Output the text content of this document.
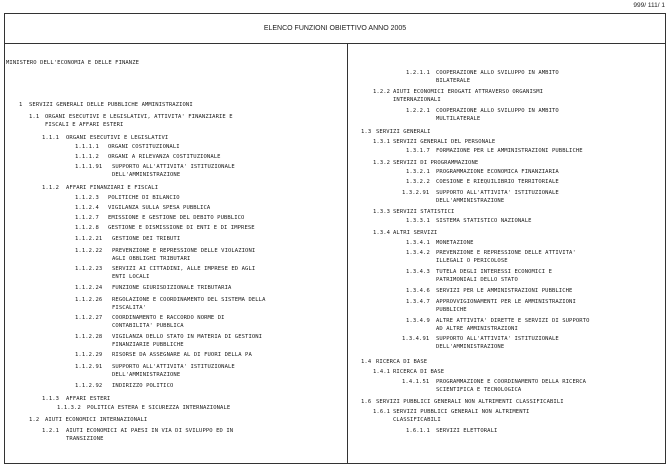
999/ 111/ 1
ELENCO FUNZIONI OBIETTIVO ANNO 2005
MINISTERO DELL'ECONOMIA E DELLE FINANZE
1 SERVIZI GENERALI DELLE PUBBLICHE AMMINISTRAZIONI
1.1 ORGANI ESECUTIVI E LEGISLATIVI, ATTIVITA' FINANZIARIE E
FISCALI E AFFARI ESTERI
1.1.1 ORGANI ESECUTIVI E LEGISLATIVI
1.1.1.1 ORGANI COSTITUZIONALI
1.1.1.2 ORGANI A RILEVANZA COSTITUZIONALE
1.1.1.91 SUPPORTO ALL'ATTIVITA' ISTITUZIONALE
DELL'AMMINISTRAZIONE
1.1.2 AFFARI FINANZIARI E FISCALI
1.1.2.3 POLITICHE DI BILANCIO
1.1.2.4 VIGILANZA SULLA SPESA PUBBLICA
1.1.2.7 EMISSIONE E GESTIONE DEL DEBITO PUBBLICO
1.1.2.8 GESTIONE E DISMISSIONE DI ENTI E DI IMPRESE
1.1.2.21 GESTIONE DEI TRIBUTI
1.1.2.22 PREVENZIONE E REPRESSIONE DELLE VIOLAZIONI
AGLI OBBLIGHI TRIBUTARI
1.1.2.23 SERVIZI AI CITTADINI, ALLE IMPRESE ED AGLI
ENTI LOCALI
1.1.2.24 FUNZIONE GIURISDIZIONALE TRIBUTARIA
1.1.2.26 REGOLAZIONE E COORDINAMENTO DEL SISTEMA DELLA
FISCALITA'
1.1.2.27 COORDINAMENTO E RACCORDO NORME DI
CONTABILITA' PUBBLICA
1.1.2.28 VIGILANZA DELLO STATO IN MATERIA DI GESTIONI
FINANZIARIE PUBBLICHE
1.1.2.29 RISORSE DA ASSEGNARE AL DI FUORI DELLA PA
1.1.2.91 SUPPORTO ALL'ATTIVITA' ISTITUZIONALE
DELL'AMMINISTRAZIONE
1.1.2.92 INDIRIZZO POLITICO
1.1.3 AFFARI ESTERI
1.1.3.2 POLITICA ESTERA E SICUREZZA INTERNAZIONALE
1.2 AIUTI ECONOMICI INTERNAZIONALI
1.2.1 AIUTI ECONOMICI AI PAESI IN VIA DI SVILUPPO ED IN
TRANSIZIONE
1.2.1.1 COOPERAZIONE ALLO SVILUPPO IN AMBITO
BILATERALE
1.2.2 AIUTI ECONOMICI EROGATI ATTRAVERSO ORGANISMI
INTERNAZIONALI
1.2.2.1 COOPERAZIONE ALLO SVILUPPO IN AMBITO
MULTILATERALE
1.3 SERVIZI GENERALI
1.3.1 SERVIZI GENERALI DEL PERSONALE
1.3.1.7 FORMAZIONE PER LE AMMINISTRAZIONI PUBBLICHE
1.3.2 SERVIZI DI PROGRAMMAZIONE
1.3.2.1 PROGRAMMAZIONE ECONOMICA FINANZIARIA
1.3.2.2 COESIONE E RIEQUILIBRIO TERRITORIALE
1.3.2.91 SUPPORTO ALL'ATTIVITA' ISTITUZIONALE
DELL'AMMINISTRAZIONE
1.3.3 SERVIZI STATISTICI
1.3.3.1 SISTEMA STATISTICO NAZIONALE
1.3.4 ALTRI SERVIZI
1.3.4.1 MONETAZIONE
1.3.4.2 PREVENZIONE E REPRESSIONE DELLE ATTIVITA'
ILLEGALI O PERICOLOSE
1.3.4.3 TUTELA DEGLI INTERESSI ECONOMICI E
PATRIMONIALI DELLO STATO
1.3.4.6 SERVIZI PER LE AMMINISTRAZIONI PUBBLICHE
1.3.4.7 APPROVVIGIONAMENTI PER LE AMMINISTRAZIONI
PUBBLICHE
1.3.4.9 ALTRE ATTIVITA' DIRETTE E SERVIZI DI SUPPORTO
AD ALTRE AMMINISTRAZIONI
1.3.4.91 SUPPORTO ALL'ATTIVITA' ISTITUZIONALE
DELL'AMMINISTRAZIONE
1.4 RICERCA DI BASE
1.4.1 RICERCA DI BASE
1.4.1.51 PROGRAMMAZIONE E COORDINAMENTO DELLA RICERCA
SCIENTIFICA E TECNOLOGICA
1.6 SERVIZI PUBBLICI GENERALI NON ALTRIMENTI CLASSIFICABILI
1.6.1 SERVIZI PUBBLICI GENERALI NON ALTRIMENTI
CLASSIFICABILI
1.6.1.1 SERVIZI ELETTORALI
